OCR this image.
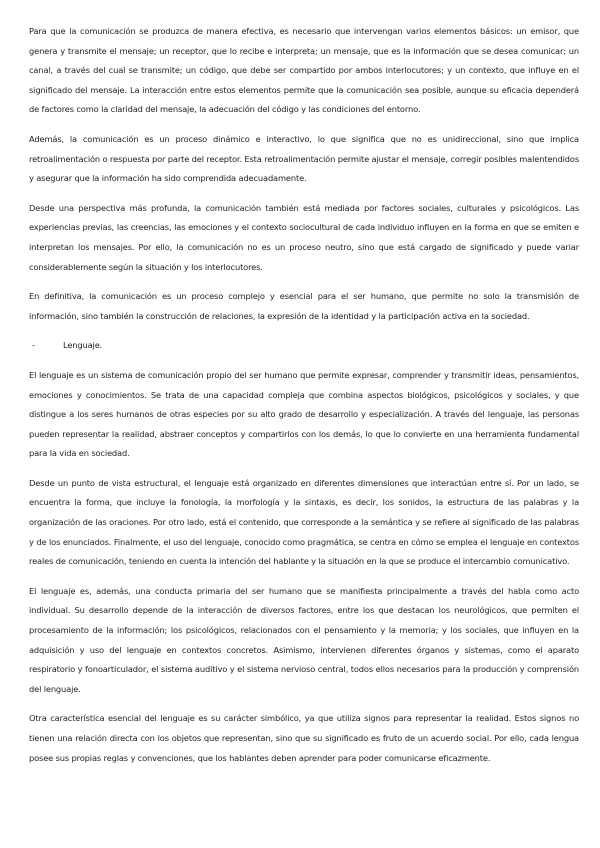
Para que la comunicación se produzca de manera efectiva, es necesario que intervengan varios elementos básicos: un emisor, que genera y transmite el mensaje; un receptor, que lo recibe e interpreta; un mensaje, que es la información que se desea comunicar; un canal, a través del cual se transmite; un código, que debe ser compartido por ambos interlocutores; y un contexto, que influye en el significado del mensaje. La interacción entre estos elementos permite que la comunicación sea posible, aunque su eficacia dependerá de factores como la claridad del mensaje, la adecuación del código y las condiciones del entorno.

Además, la comunicación es un proceso dinámico e interactivo, lo que significa que no es unidireccional, sino que implica retroalimentación o respuesta por parte del receptor. Esta retroalimentación permite ajustar el mensaje, corregir posibles malentendidos y asegurar que la información ha sido comprendida adecuadamente.

Desde una perspectiva más profunda, la comunicación también está mediada por factores sociales, culturales y psicológicos. Las experiencias previas, las creencias, las emociones y el contexto sociocultural de cada individuo influyen en la forma en que se emiten e interpretan los mensajes. Por ello, la comunicación no es un proceso neutro, sino que está cargado de significado y puede variar considerablemente según la situación y los interlocutores.

En definitiva, la comunicación es un proceso complejo y esencial para el ser humano, que permite no solo la transmisión de información, sino también la construcción de relaciones, la expresión de la identidad y la participación activa en la sociedad.

-	Lenguaje.

El lenguaje es un sistema de comunicación propio del ser humano que permite expresar, comprender y transmitir ideas, pensamientos, emociones y conocimientos. Se trata de una capacidad compleja que combina aspectos biológicos, psicológicos y sociales, y que distingue a los seres humanos de otras especies por su alto grado de desarrollo y especialización. A través del lenguaje, las personas pueden representar la realidad, abstraer conceptos y compartirlos con los demás, lo que lo convierte en una herramienta fundamental para la vida en sociedad.

Desde un punto de vista estructural, el lenguaje está organizado en diferentes dimensiones que interactúan entre sí. Por un lado, se encuentra la forma, que incluye la fonología, la morfología y la sintaxis, es decir, los sonidos, la estructura de las palabras y la organización de las oraciones. Por otro lado, está el contenido, que corresponde a la semántica y se refiere al significado de las palabras y de los enunciados. Finalmente, el uso del lenguaje, conocido como pragmática, se centra en cómo se emplea el lenguaje en contextos reales de comunicación, teniendo en cuenta la intención del hablante y la situación en la que se produce el intercambio comunicativo.

El lenguaje es, además, una conducta primaria del ser humano que se manifiesta principalmente a través del habla como acto individual. Su desarrollo depende de la interacción de diversos factores, entre los que destacan los neurológicos, que permiten el procesamiento de la información; los psicológicos, relacionados con el pensamiento y la memoria; y los sociales, que influyen en la adquisición y uso del lenguaje en contextos concretos. Asimismo, intervienen diferentes órganos y sistemas, como el aparato respiratorio y fonoarticulador, el sistema auditivo y el sistema nervioso central, todos ellos necesarios para la producción y comprensión del lenguaje.

Otra característica esencial del lenguaje es su carácter simbólico, ya que utiliza signos para representar la realidad. Estos signos no tienen una relación directa con los objetos que representan, sino que su significado es fruto de un acuerdo social. Por ello, cada lengua posee sus propias reglas y convenciones, que los hablantes deben aprender para poder comunicarse eficazmente.
